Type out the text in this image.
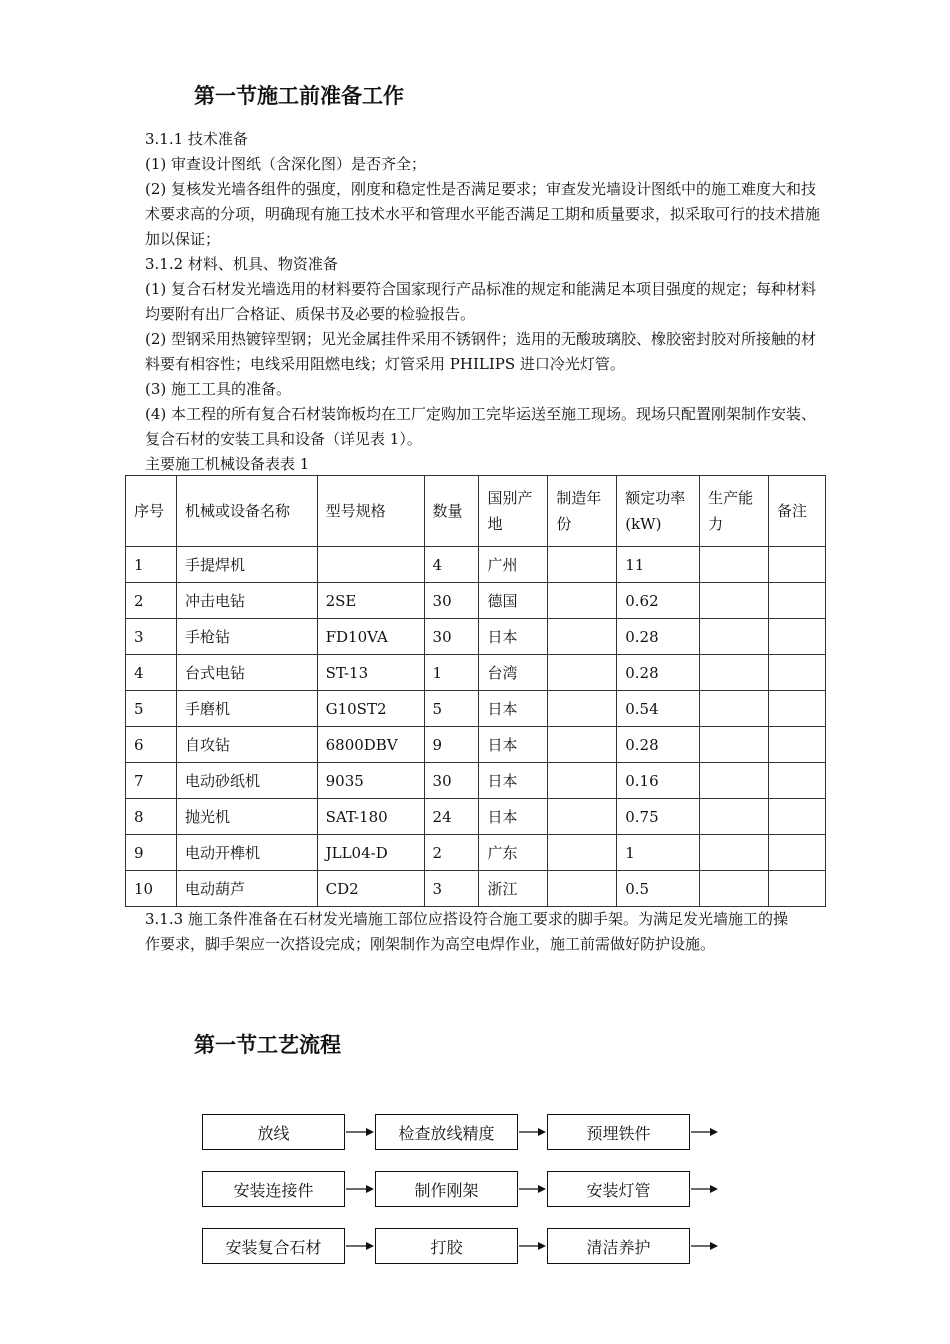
第一节施工前准备工作

3.1.1 技术准备

(1) 审查设计图纸（含深化图）是否齐全；

(2) 复核发光墙各组件的强度，刚度和稳定性是否满足要求；审查发光墙设计图纸中的施工难度大和技术要求高的分项，明确现有施工技术水平和管理水平能否满足工期和质量要求，拟采取可行的技术措施加以保证；

3.1.2 材料、机具、物资准备

(1) 复合石材发光墙选用的材料要符合国家现行产品标准的规定和能满足本项目强度的规定；每种材料均要附有出厂合格证、质保书及必要的检验报告。

(2) 型钢采用热镀锌型钢；见光金属挂件采用不锈钢件；选用的无酸玻璃胶、橡胶密封胶对所接触的材料要有相容性；电线采用阻燃电线；灯管采用 PHILIPS 进口冷光灯管。

(3) 施工工具的准备。

(4) 本工程的所有复合石材装饰板均在工厂定购加工完毕运送至施工现场。现场只配置刚架制作安装、复合石材的安装工具和设备（详见表 1）。

主要施工机械设备表表 1

序号	机械或设备名称	型号规格	数量	国别产地	制造年份	额定功率(kW)	生产能力	备注
1	手提焊机		4	广州		11		
2	冲击电钻	2SE	30	德国		0.62		
3	手枪钻	FD10VA	30	日本		0.28		
4	台式电钻	ST-13	1	台湾		0.28		
5	手磨机	G10ST2	5	日本		0.54		
6	自攻钻	6800DBV	9	日本		0.28		
7	电动砂纸机	9035	30	日本		0.16		
8	抛光机	SAT-180	24	日本		0.75		
9	电动开榫机	JLL04-D	2	广东		1		
10	电动葫芦	CD2	3	浙江		0.5		

3.1.3 施工条件准备在石材发光墙施工部位应搭设符合施工要求的脚手架。为满足发光墙施工的操

作要求，脚手架应一次搭设完成；刚架制作为高空电焊作业，施工前需做好防护设施。

第一节工艺流程
放线	检查放线精度	预埋铁件
安装连接件	制作刚架	安装灯管
安装复合石材	打胶	清洁养护
